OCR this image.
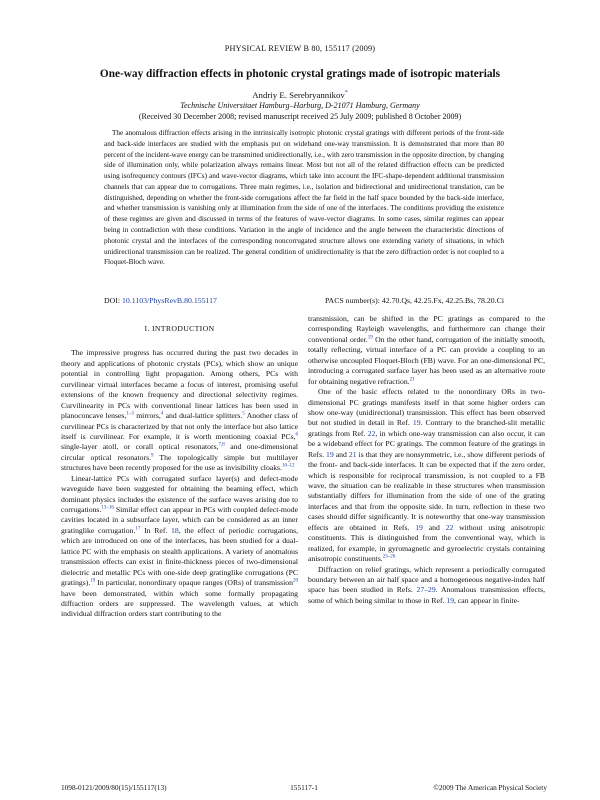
PHYSICAL REVIEW B 80, 155117 (2009)
One-way diffraction effects in photonic crystal gratings made of isotropic materials
Andriy E. Serebryannikov*
Technische Universitaet Hamburg–Harburg, D-21071 Hamburg, Germany
(Received 30 December 2008; revised manuscript received 25 July 2009; published 8 October 2009)
The anomalous diffraction effects arising in the intrinsically isotropic photonic crystal gratings with different periods of the front-side and back-side interfaces are studied with the emphasis put on wideband one-way transmission. It is demonstrated that more than 80 percent of the incident-wave energy can be transmitted unidirectionally, i.e., with zero transmission in the opposite direction, by changing side of illumination only, while polarization always remains linear. Most but not all of the related diffraction effects can be predicted using isofrequency contours (IFCs) and wave-vector diagrams, which take into account the IFC-shape-dependent additional transmission channels that can appear due to corrugations. Three main regimes, i.e., isolation and bidirectional and unidirectional translation, can be distinguished, depending on whether the front-side corrugations affect the far field in the half space bounded by the back-side interface, and whether transmission is vanishing only at illumination from the side of one of the interfaces. The conditions providing the existence of these regimes are given and discussed in terms of the features of wave-vector diagrams. In some cases, similar regimes can appear being in contradiction with these conditions. Variation in the angle of incidence and the angle between the characteristic directions of photonic crystal and the interfaces of the corresponding noncorrugated structure allows one extending variety of situations, in which unidirectional transmission can be realized. The general condition of unidirectionality is that the zero diffraction order is not coupled to a Floquet-Bloch wave.
DOI: 10.1103/PhysRevB.80.155117	PACS number(s): 42.70.Qs, 42.25.Fx, 42.25.Bs, 78.20.Ci
I. INTRODUCTION

The impressive progress has occurred during the past two decades in theory and applications of photonic crystals (PCs), which show an unique potential in controlling light propagation. Among others, PCs with curvilinear virtual interfaces became a focus of interest, promising useful extensions of the known frequency and directional selectivity regimes. Curvilinearity in PCs with conventional linear lattices has been used in planoconcave lenses,$^{1-3}$ mirrors,$^4$ and dual-lattice splitters.$^5$ Another class of curvilinear PCs is characterized by that not only the interface but also lattice itself is curvilinear. For example, it is worth mentioning coaxial PCs,$^6$ single-layer atoll, or corall optical resonators,$^{7,8}$ and one-dimensional circular optical resonators.$^9$ The topologically simple but multilayer structures have been recently proposed for the use as invisibility cloaks.$^{10-12}$

Linear-lattice PCs with corrugated surface layer(s) and defect-mode waveguide have been suggested for obtaining the beaming effect, which dominant physics includes the existence of the surface waves arising due to corrugations.$^{13-16}$ Similar effect can appear in PCs with coupled defect-mode cavities located in a subsurface layer, which can be considered as an inner gratinglike corrugation.$^{17}$ In Ref. 18, the effect of periodic corrugations, which are introduced on one of the interfaces, has been studied for a dual-lattice PC with the emphasis on stealth applications. A variety of anomalous transmission effects can exist in finite-thickness pieces of two-dimensional dielectric and metallic PCs with one-side deep gratinglike corrugations (PC gratings).$^{19}$ In particular, nonordinary opaque ranges (ORs) of transmission$^{20}$ have been demonstrated, within which some formally propagating diffraction orders are suppressed. The wavelength values, at which individual diffraction orders start contributing to the

transmission, can be shifted in the PC gratings as compared to the corresponding Rayleigh wavelengths, and furthermore can change their conventional order.$^{19}$ On the other hand, corrugation of the initially smooth, totally reflecting, virtual interface of a PC can provide a coupling to an otherwise uncoupled Floquet-Bloch (FB) wave. For an one-dimensional PC, introducing a corrugated surface layer has been used as an alternative route for obtaining negative refraction.$^{21}$

One of the basic effects related to the nonordinary ORs in two-dimensional PC gratings manifests itself in that some higher orders can show one-way (unidirectional) transmission. This effect has been observed but not studied in detail in Ref. 19. Contrary to the branched-slit metallic gratings from Ref. 22, in which one-way transmission can also occur, it can be a wideband effect for PC gratings. The common feature of the gratings in Refs. 19 and 21 is that they are nonsymmetric, i.e., show different periods of the front- and back-side interfaces. It can be expected that if the zero order, which is responsible for reciprocal transmission, is not coupled to a FB wave, the situation can be realizable in these structures when transmission substantially differs for illumination from the side of one of the grating interfaces and that from the opposite side. In turn, reflection in these two cases should differ significantly. It is noteworthy that one-way transmission effects are obtained in Refs. 19 and 22 without using anisotropic constituents. This is distinguished from the conventional way, which is realized, for example, in gyromagnetic and gyroelectric crystals containing anisotropic constituents.$^{23-26}$

Diffraction on relief gratings, which represent a periodically corrugated boundary between an air half space and a homogeneous negative-index half space has been studied in Refs. 27–29. Anomalous transmission effects, some of which being similar to those in Ref. 19, can appear in finite-

1098-0121/2009/80(15)/155117(13)	155117-1	©2009 The American Physical Society
